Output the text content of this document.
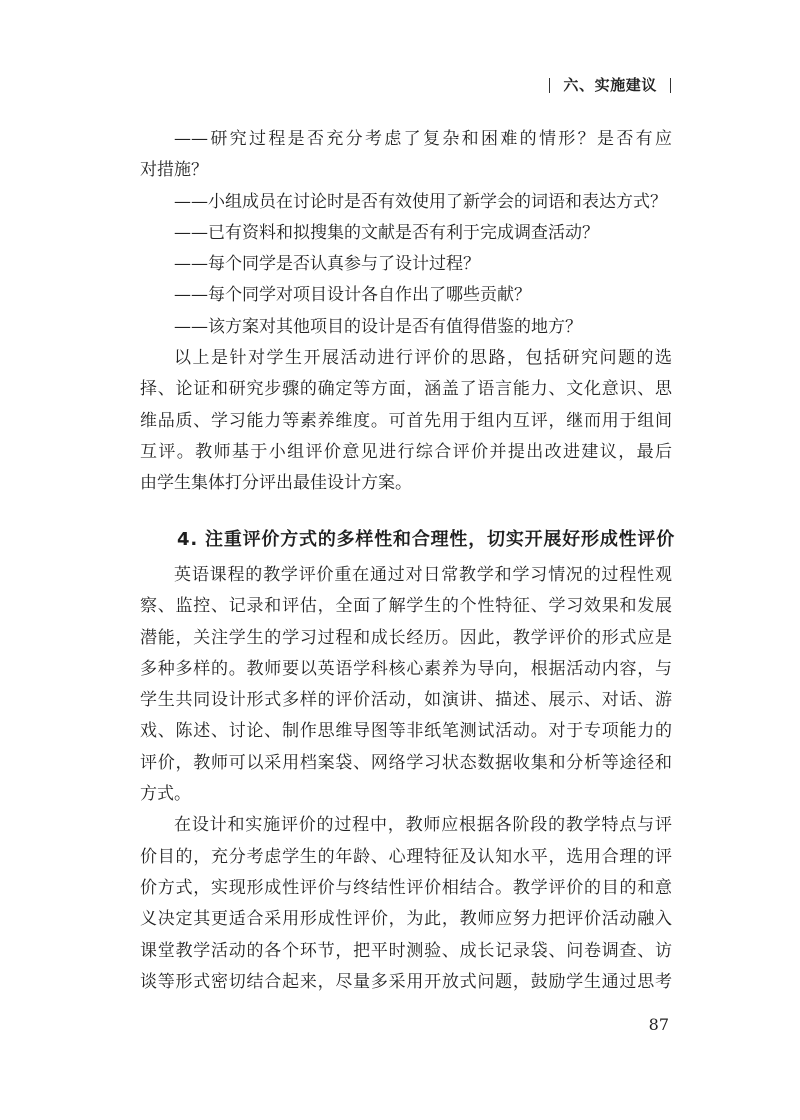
六、实施建议
——研究过程是否充分考虑了复杂和困难的情形？是否有应
对措施？
——小组成员在讨论时是否有效使用了新学会的词语和表达方式？
——已有资料和拟搜集的文献是否有利于完成调查活动？
——每个同学是否认真参与了设计过程？
——每个同学对项目设计各自作出了哪些贡献？
——该方案对其他项目的设计是否有值得借鉴的地方？
以上是针对学生开展活动进行评价的思路，包括研究问题的选
择、论证和研究步骤的确定等方面，涵盖了语言能力、文化意识、思
维品质、学习能力等素养维度。可首先用于组内互评，继而用于组间
互评。教师基于小组评价意见进行综合评价并提出改进建议，最后
由学生集体打分评出最佳设计方案。
4. 注重评价方式的多样性和合理性，切实开展好形成性评价
英语课程的教学评价重在通过对日常教学和学习情况的过程性观
察、监控、记录和评估，全面了解学生的个性特征、学习效果和发展
潜能，关注学生的学习过程和成长经历。因此，教学评价的形式应是
多种多样的。教师要以英语学科核心素养为导向，根据活动内容，与
学生共同设计形式多样的评价活动，如演讲、描述、展示、对话、游
戏、陈述、讨论、制作思维导图等非纸笔测试活动。对于专项能力的
评价，教师可以采用档案袋、网络学习状态数据收集和分析等途径和
方式。
在设计和实施评价的过程中，教师应根据各阶段的教学特点与评
价目的，充分考虑学生的年龄、心理特征及认知水平，选用合理的评
价方式，实现形成性评价与终结性评价相结合。教学评价的目的和意
义决定其更适合采用形成性评价，为此，教师应努力把评价活动融入
课堂教学活动的各个环节，把平时测验、成长记录袋、问卷调查、访
谈等形式密切结合起来，尽量多采用开放式问题，鼓励学生通过思考
87
